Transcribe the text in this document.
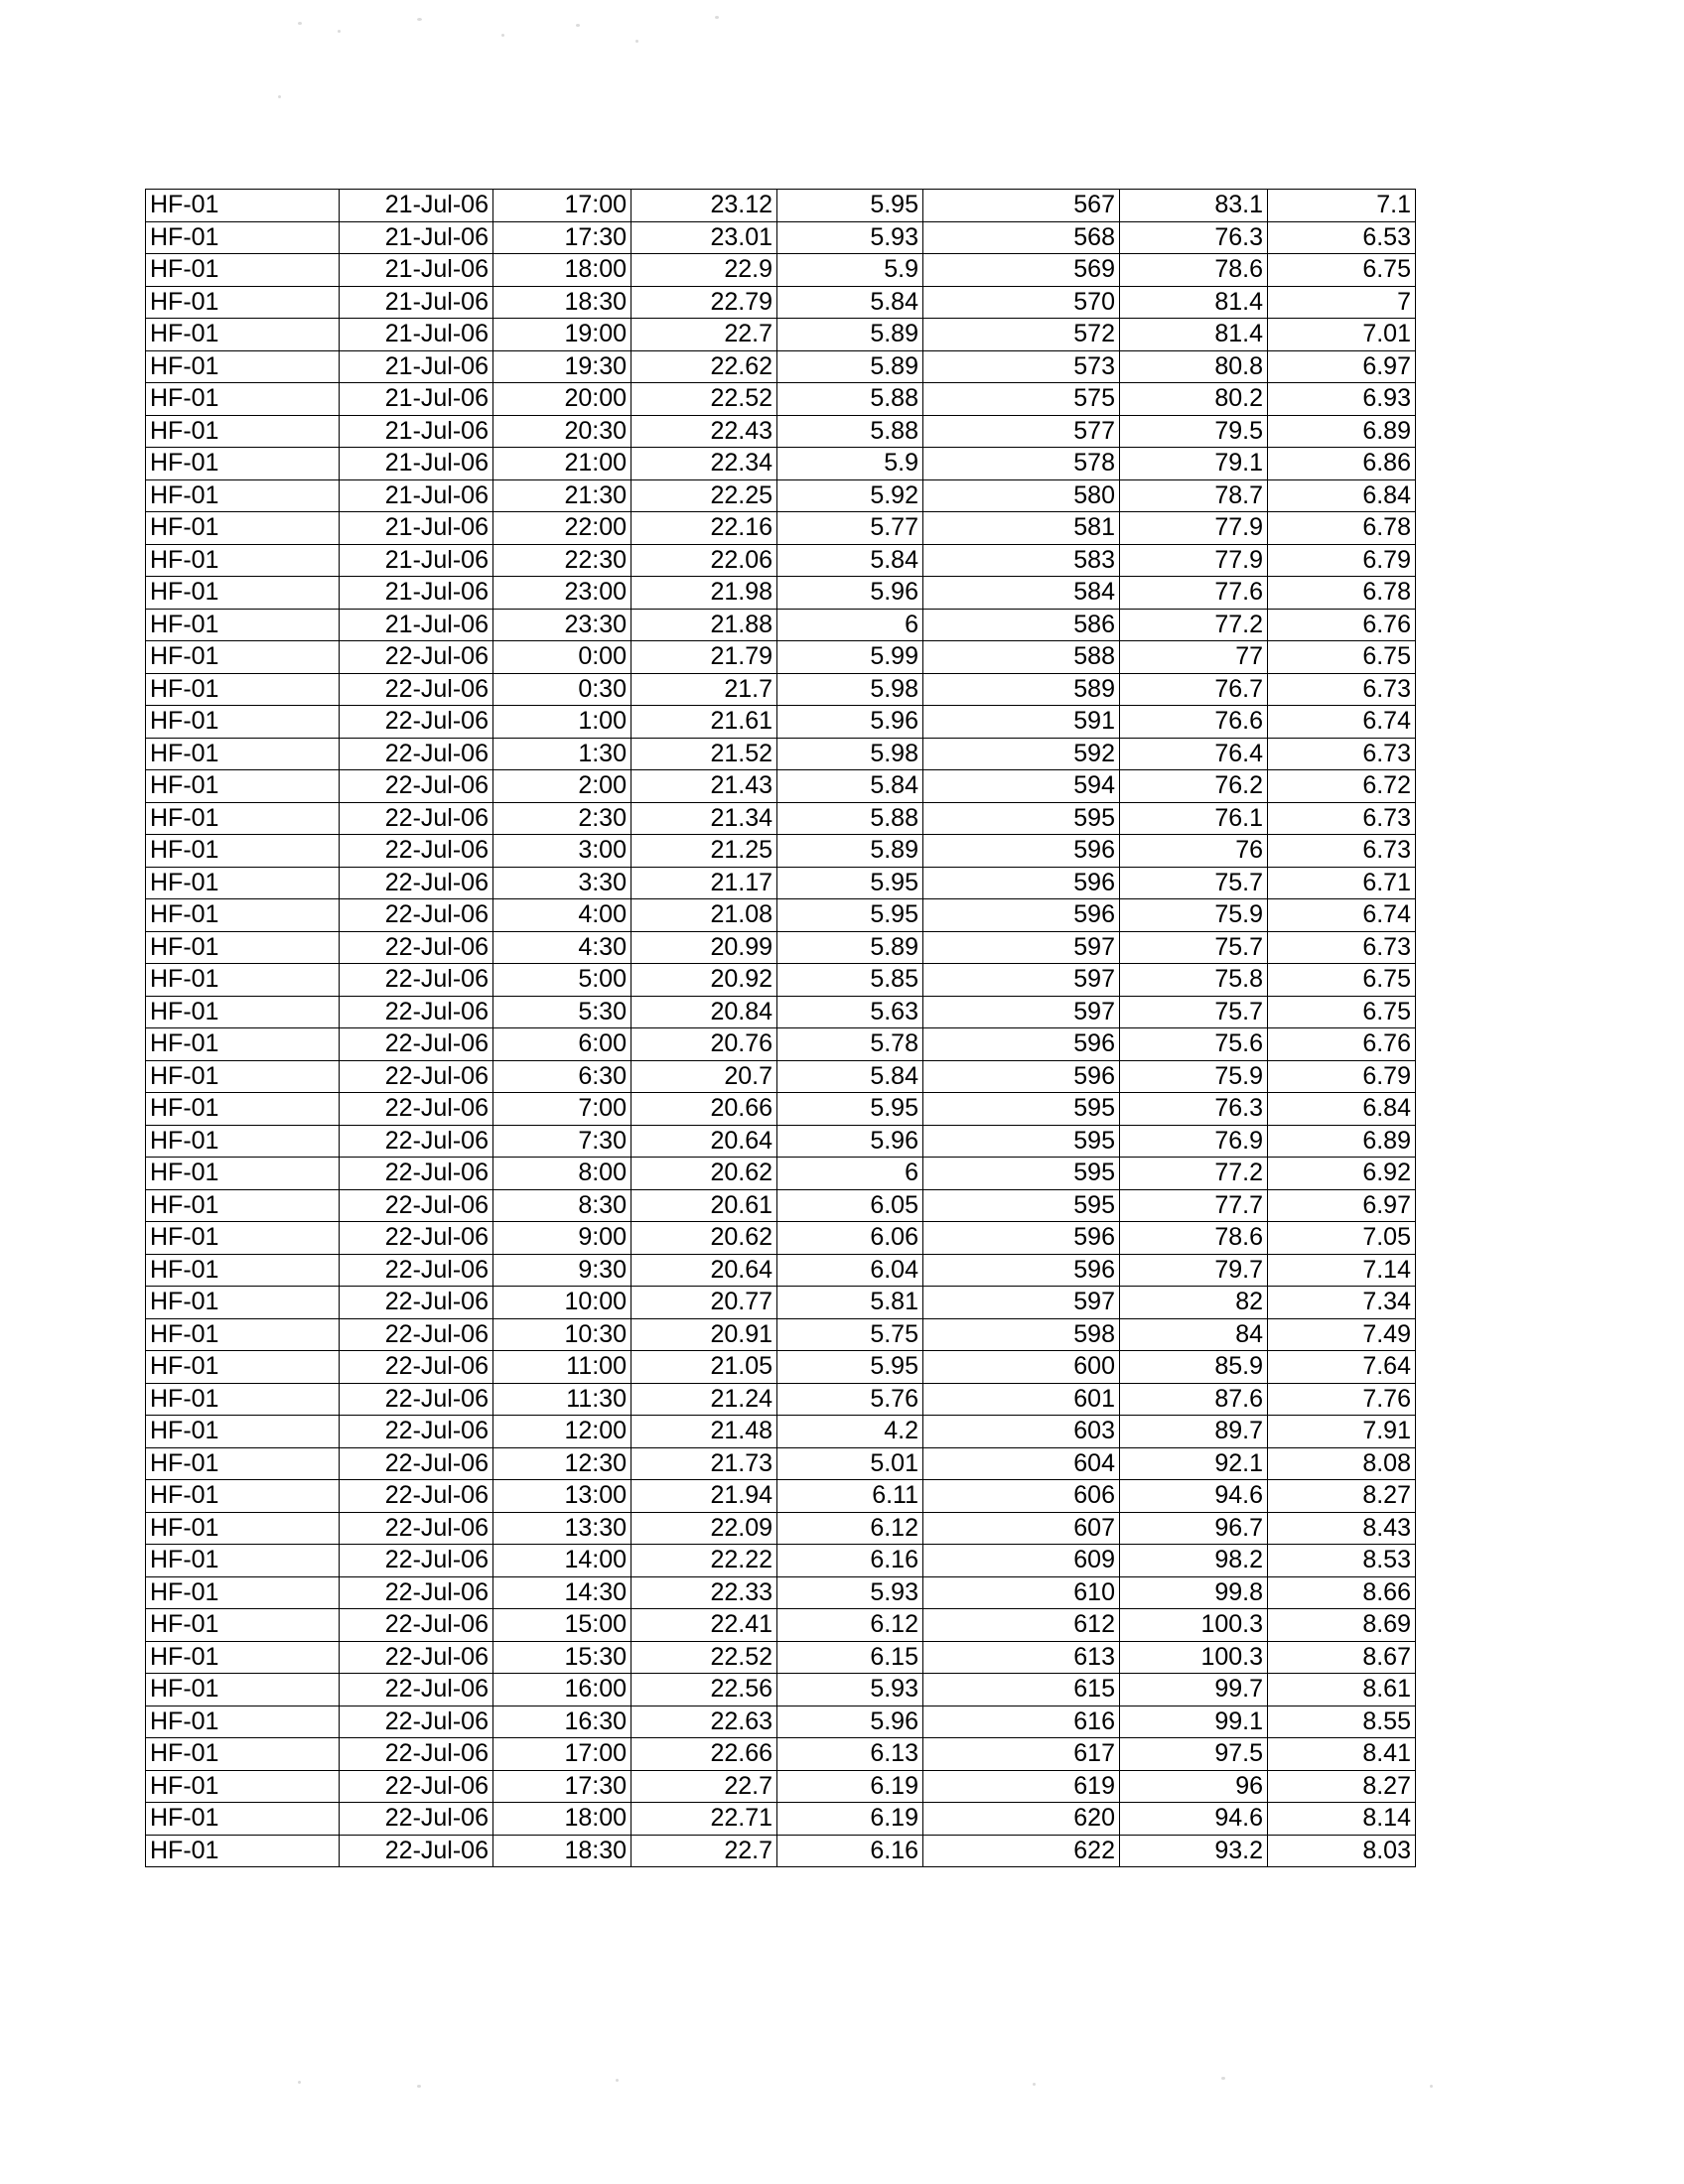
HF-01	21-Jul-06	17:00	23.12	5.95	567	83.1	7.1
HF-01	21-Jul-06	17:30	23.01	5.93	568	76.3	6.53
HF-01	21-Jul-06	18:00	22.9	5.9	569	78.6	6.75
HF-01	21-Jul-06	18:30	22.79	5.84	570	81.4	7
HF-01	21-Jul-06	19:00	22.7	5.89	572	81.4	7.01
HF-01	21-Jul-06	19:30	22.62	5.89	573	80.8	6.97
HF-01	21-Jul-06	20:00	22.52	5.88	575	80.2	6.93
HF-01	21-Jul-06	20:30	22.43	5.88	577	79.5	6.89
HF-01	21-Jul-06	21:00	22.34	5.9	578	79.1	6.86
HF-01	21-Jul-06	21:30	22.25	5.92	580	78.7	6.84
HF-01	21-Jul-06	22:00	22.16	5.77	581	77.9	6.78
HF-01	21-Jul-06	22:30	22.06	5.84	583	77.9	6.79
HF-01	21-Jul-06	23:00	21.98	5.96	584	77.6	6.78
HF-01	21-Jul-06	23:30	21.88	6	586	77.2	6.76
HF-01	22-Jul-06	0:00	21.79	5.99	588	77	6.75
HF-01	22-Jul-06	0:30	21.7	5.98	589	76.7	6.73
HF-01	22-Jul-06	1:00	21.61	5.96	591	76.6	6.74
HF-01	22-Jul-06	1:30	21.52	5.98	592	76.4	6.73
HF-01	22-Jul-06	2:00	21.43	5.84	594	76.2	6.72
HF-01	22-Jul-06	2:30	21.34	5.88	595	76.1	6.73
HF-01	22-Jul-06	3:00	21.25	5.89	596	76	6.73
HF-01	22-Jul-06	3:30	21.17	5.95	596	75.7	6.71
HF-01	22-Jul-06	4:00	21.08	5.95	596	75.9	6.74
HF-01	22-Jul-06	4:30	20.99	5.89	597	75.7	6.73
HF-01	22-Jul-06	5:00	20.92	5.85	597	75.8	6.75
HF-01	22-Jul-06	5:30	20.84	5.63	597	75.7	6.75
HF-01	22-Jul-06	6:00	20.76	5.78	596	75.6	6.76
HF-01	22-Jul-06	6:30	20.7	5.84	596	75.9	6.79
HF-01	22-Jul-06	7:00	20.66	5.95	595	76.3	6.84
HF-01	22-Jul-06	7:30	20.64	5.96	595	76.9	6.89
HF-01	22-Jul-06	8:00	20.62	6	595	77.2	6.92
HF-01	22-Jul-06	8:30	20.61	6.05	595	77.7	6.97
HF-01	22-Jul-06	9:00	20.62	6.06	596	78.6	7.05
HF-01	22-Jul-06	9:30	20.64	6.04	596	79.7	7.14
HF-01	22-Jul-06	10:00	20.77	5.81	597	82	7.34
HF-01	22-Jul-06	10:30	20.91	5.75	598	84	7.49
HF-01	22-Jul-06	11:00	21.05	5.95	600	85.9	7.64
HF-01	22-Jul-06	11:30	21.24	5.76	601	87.6	7.76
HF-01	22-Jul-06	12:00	21.48	4.2	603	89.7	7.91
HF-01	22-Jul-06	12:30	21.73	5.01	604	92.1	8.08
HF-01	22-Jul-06	13:00	21.94	6.11	606	94.6	8.27
HF-01	22-Jul-06	13:30	22.09	6.12	607	96.7	8.43
HF-01	22-Jul-06	14:00	22.22	6.16	609	98.2	8.53
HF-01	22-Jul-06	14:30	22.33	5.93	610	99.8	8.66
HF-01	22-Jul-06	15:00	22.41	6.12	612	100.3	8.69
HF-01	22-Jul-06	15:30	22.52	6.15	613	100.3	8.67
HF-01	22-Jul-06	16:00	22.56	5.93	615	99.7	8.61
HF-01	22-Jul-06	16:30	22.63	5.96	616	99.1	8.55
HF-01	22-Jul-06	17:00	22.66	6.13	617	97.5	8.41
HF-01	22-Jul-06	17:30	22.7	6.19	619	96	8.27
HF-01	22-Jul-06	18:00	22.71	6.19	620	94.6	8.14
HF-01	22-Jul-06	18:30	22.7	6.16	622	93.2	8.03
